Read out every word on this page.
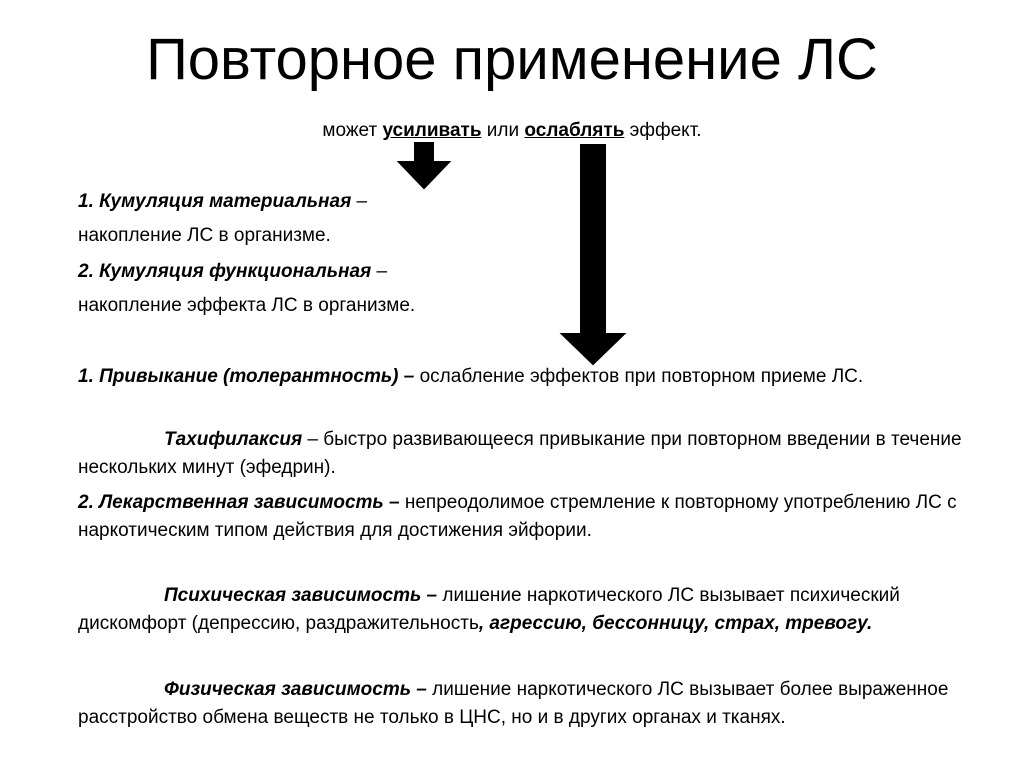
Повторное применение ЛС
может усиливать или ослаблять эффект.
1. Кумуляция материальная –
накопление ЛС в организме.
2. Кумуляция функциональная –
накопление эффекта ЛС в организме.

1. Привыкание (толерантность) – ослабление эффектов при повторном приеме ЛС.

Тахифилаксия – быстро развивающееся привыкание при повторном введении в течение нескольких минут (эфедрин).

2. Лекарственная зависимость – непреодолимое стремление к повторному употреблению ЛС с наркотическим типом действия для достижения эйфории.

Психическая зависимость – лишение наркотического ЛС вызывает психический дискомфорт (депрессию, раздражительность, агрессию, бессонницу, страх, тревогу.

Физическая зависимость – лишение наркотического ЛС вызывает более выраженное расстройство обмена веществ не только в ЦНС, но и в других органах и тканях.
